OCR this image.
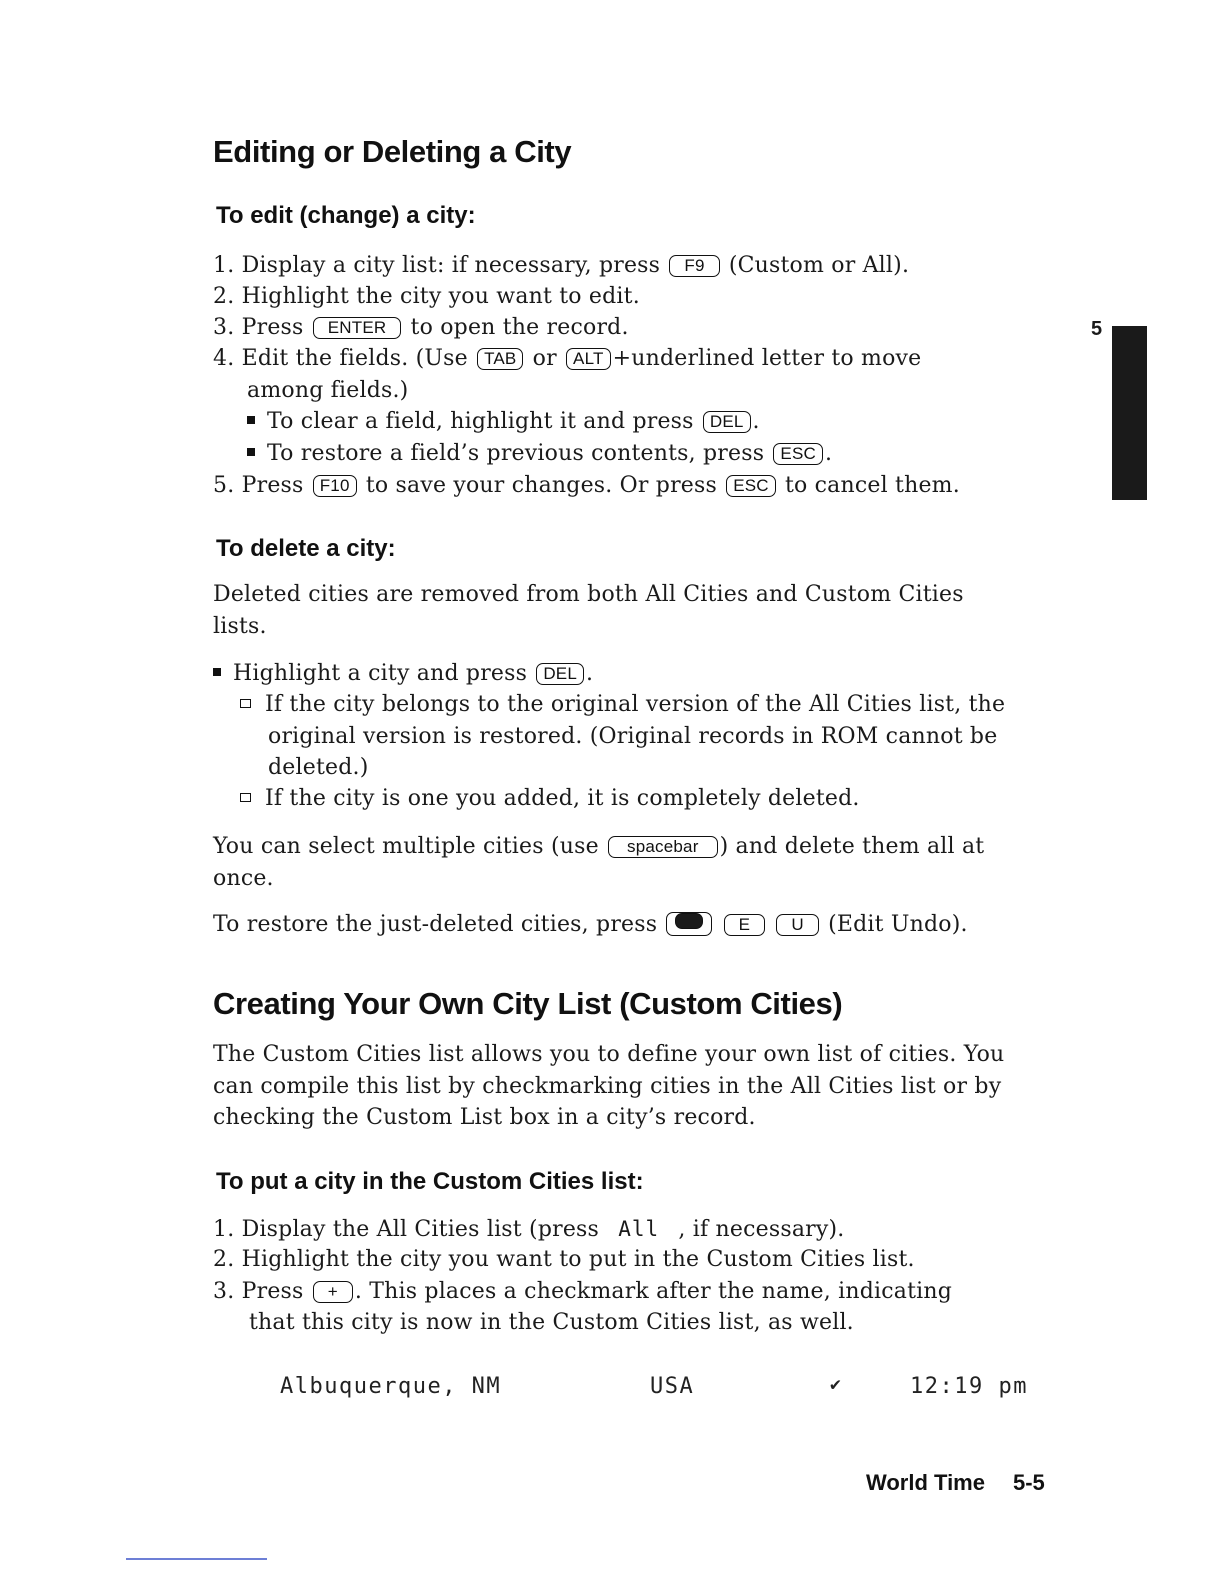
Editing or Deleting a City
To edit (change) a city:
1. Display a city list: if necessary, press F9 (Custom or All).
2. Highlight the city you want to edit.
3. Press ENTER to open the record.
4. Edit the fields. (Use TAB or ALT +underlined letter to move
among fields.)
To clear a field, highlight it and press DEL .
To restore a field’s previous contents, press ESC .
5. Press F10 to save your changes. Or press ESC to cancel them.
To delete a city:
Deleted cities are removed from both All Cities and Custom Cities
lists.
Highlight a city and press DEL .
If the city belongs to the original version of the All Cities list, the
original version is restored. (Original records in ROM cannot be
deleted.)
If the city is one you added, it is completely deleted.
You can select multiple cities (use spacebar ) and delete them all at
once.
To restore the just-deleted cities, press	E U (Edit Undo).
Creating Your Own City List (Custom Cities)
The Custom Cities list allows you to define your own list of cities. You
can compile this list by checkmarking cities in the All Cities list or by
checking the Custom List box in a city’s record.
To put a city in the Custom Cities list:
1. Display the All Cities list (press All , if necessary).
2. Highlight the city you want to put in the Custom Cities list.
3. Press + . This places a checkmark after the name, indicating
that this city is now in the Custom Cities list, as well.
Albuquerque, NM	USA	✔	12:19 pm
5
World Time 5-5
